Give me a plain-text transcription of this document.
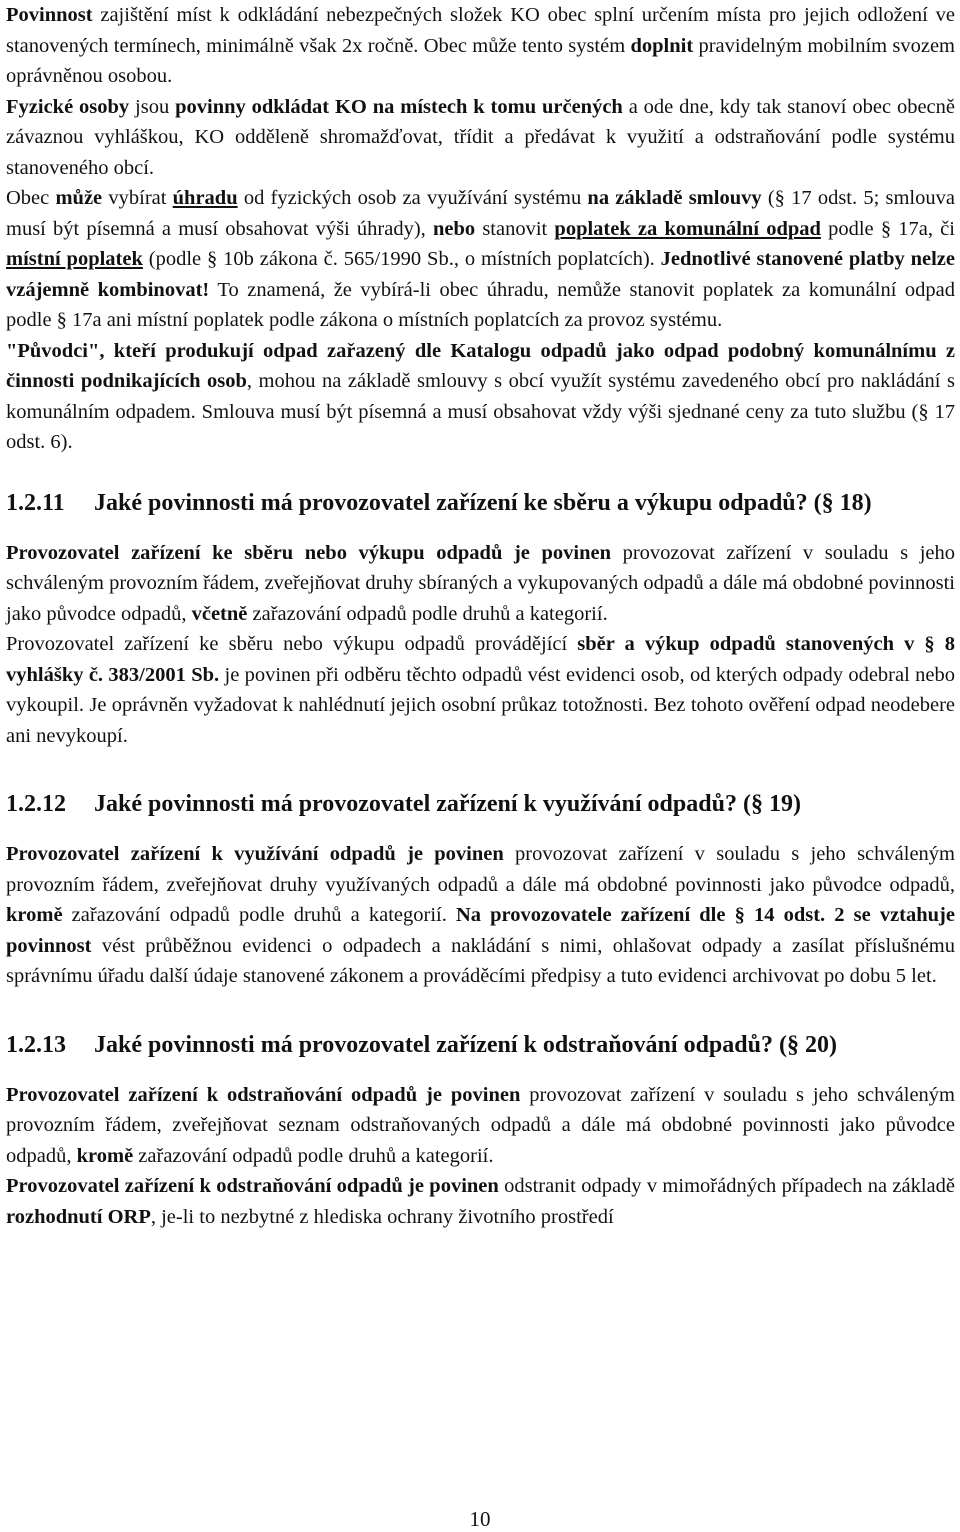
Povinnost zajištění míst k odkládání nebezpečných složek KO obec splní určením místa pro jejich odložení ve stanovených termínech, minimálně však 2x ročně. Obec může tento systém doplnit pravidelným mobilním svozem oprávněnou osobou.

Fyzické osoby jsou povinny odkládat KO na místech k tomu určených a ode dne, kdy tak stanoví obec obecně závaznou vyhláškou, KO odděleně shromažďovat, třídit a předávat k využití a odstraňování podle systému stanoveného obcí.

Obec může vybírat úhradu od fyzických osob za využívání systému na základě smlouvy (§ 17 odst. 5; smlouva musí být písemná a musí obsahovat výši úhrady), nebo stanovit poplatek za komunální odpad podle § 17a, či místní poplatek (podle § 10b zákona č. 565/1990 Sb., o místních poplatcích). Jednotlivé stanovené platby nelze vzájemně kombinovat! To znamená, že vybírá-li obec úhradu, nemůže stanovit poplatek za komunální odpad podle § 17a ani místní poplatek podle zákona o místních poplatcích za provoz systému.

"Původci", kteří produkují odpad zařazený dle Katalogu odpadů jako odpad podobný komunálnímu z činnosti podnikajících osob, mohou na základě smlouvy s obcí využít systému zavedeného obcí pro nakládání s komunálním odpadem. Smlouva musí být písemná a musí obsahovat vždy výši sjednané ceny za tuto službu (§ 17 odst. 6).

1.2.11 Jaké povinnosti má provozovatel zařízení ke sběru a výkupu odpadů? (§ 18)

Provozovatel zařízení ke sběru nebo výkupu odpadů je povinen provozovat zařízení v souladu s jeho schváleným provozním řádem, zveřejňovat druhy sbíraných a vykupovaných odpadů a dále má obdobné povinnosti jako původce odpadů, včetně zařazování odpadů podle druhů a kategorií.

Provozovatel zařízení ke sběru nebo výkupu odpadů provádějící sběr a výkup odpadů stanovených v § 8 vyhlášky č. 383/2001 Sb. je povinen při odběru těchto odpadů vést evidenci osob, od kterých odpady odebral nebo vykoupil. Je oprávněn vyžadovat k nahlédnutí jejich osobní průkaz totožnosti. Bez tohoto ověření odpad neodebere ani nevykoupí.

1.2.12 Jaké povinnosti má provozovatel zařízení k využívání odpadů? (§ 19)

Provozovatel zařízení k využívání odpadů je povinen provozovat zařízení v souladu s jeho schváleným provozním řádem, zveřejňovat druhy využívaných odpadů a dále má obdobné povinnosti jako původce odpadů, kromě zařazování odpadů podle druhů a kategorií. Na provozovatele zařízení dle § 14 odst. 2 se vztahuje povinnost vést průběžnou evidenci o odpadech a nakládání s nimi, ohlašovat odpady a zasílat příslušnému správnímu úřadu další údaje stanovené zákonem a prováděcími předpisy a tuto evidenci archivovat po dobu 5 let.

1.2.13 Jaké povinnosti má provozovatel zařízení k odstraňování odpadů? (§ 20)

Provozovatel zařízení k odstraňování odpadů je povinen provozovat zařízení v souladu s jeho schváleným provozním řádem, zveřejňovat seznam odstraňovaných odpadů a dále má obdobné povinnosti jako původce odpadů, kromě zařazování odpadů podle druhů a kategorií.

Provozovatel zařízení k odstraňování odpadů je povinen odstranit odpady v mimořádných případech na základě rozhodnutí ORP, je-li to nezbytné z hlediska ochrany životního prostředí

10
